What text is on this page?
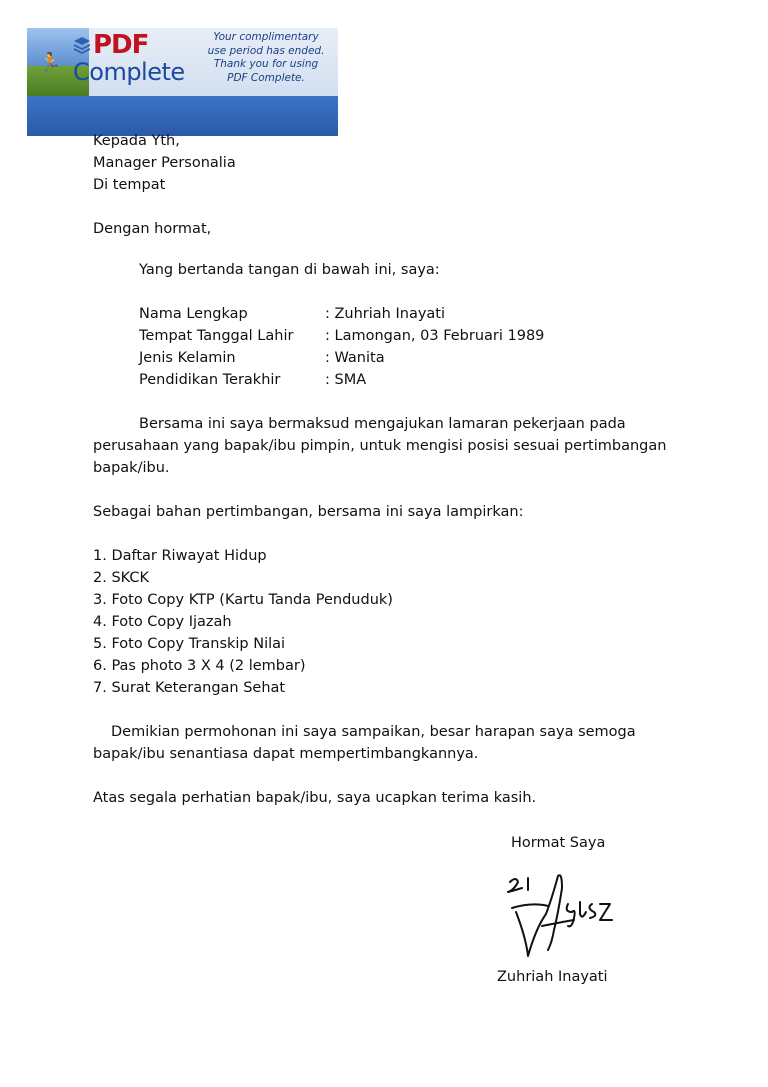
🏃
PDF
Complete
Your complimentary
use period has ended.
Thank you for using
PDF Complete.
Kepada Yth,
Manager Personalia
Di tempat
Dengan hormat,
Yang bertanda tangan di bawah ini, saya:
Nama Lengkap	: Zuhriah Inayati
Tempat Tanggal Lahir : Lamongan, 03 Februari 1989
Jenis Kelamin	: Wanita
Pendidikan Terakhir	: SMA
Bersama ini saya bermaksud mengajukan lamaran pekerjaan pada
perusahaan yang bapak/ibu pimpin, untuk mengisi posisi sesuai pertimbangan
bapak/ibu.
Sebagai bahan pertimbangan, bersama ini saya lampirkan:
1. Daftar Riwayat Hidup
2. SKCK
3. Foto Copy KTP (Kartu Tanda Penduduk)
4. Foto Copy Ijazah
5. Foto Copy Transkip Nilai
6. Pas photo 3 X 4 (2 lembar)
7. Surat Keterangan Sehat
Demikian permohonan ini saya sampaikan, besar harapan saya semoga
bapak/ibu senantiasa dapat mempertimbangkannya.
Atas segala perhatian bapak/ibu, saya ucapkan terima kasih.
Hormat Saya
Zuhriah Inayati
